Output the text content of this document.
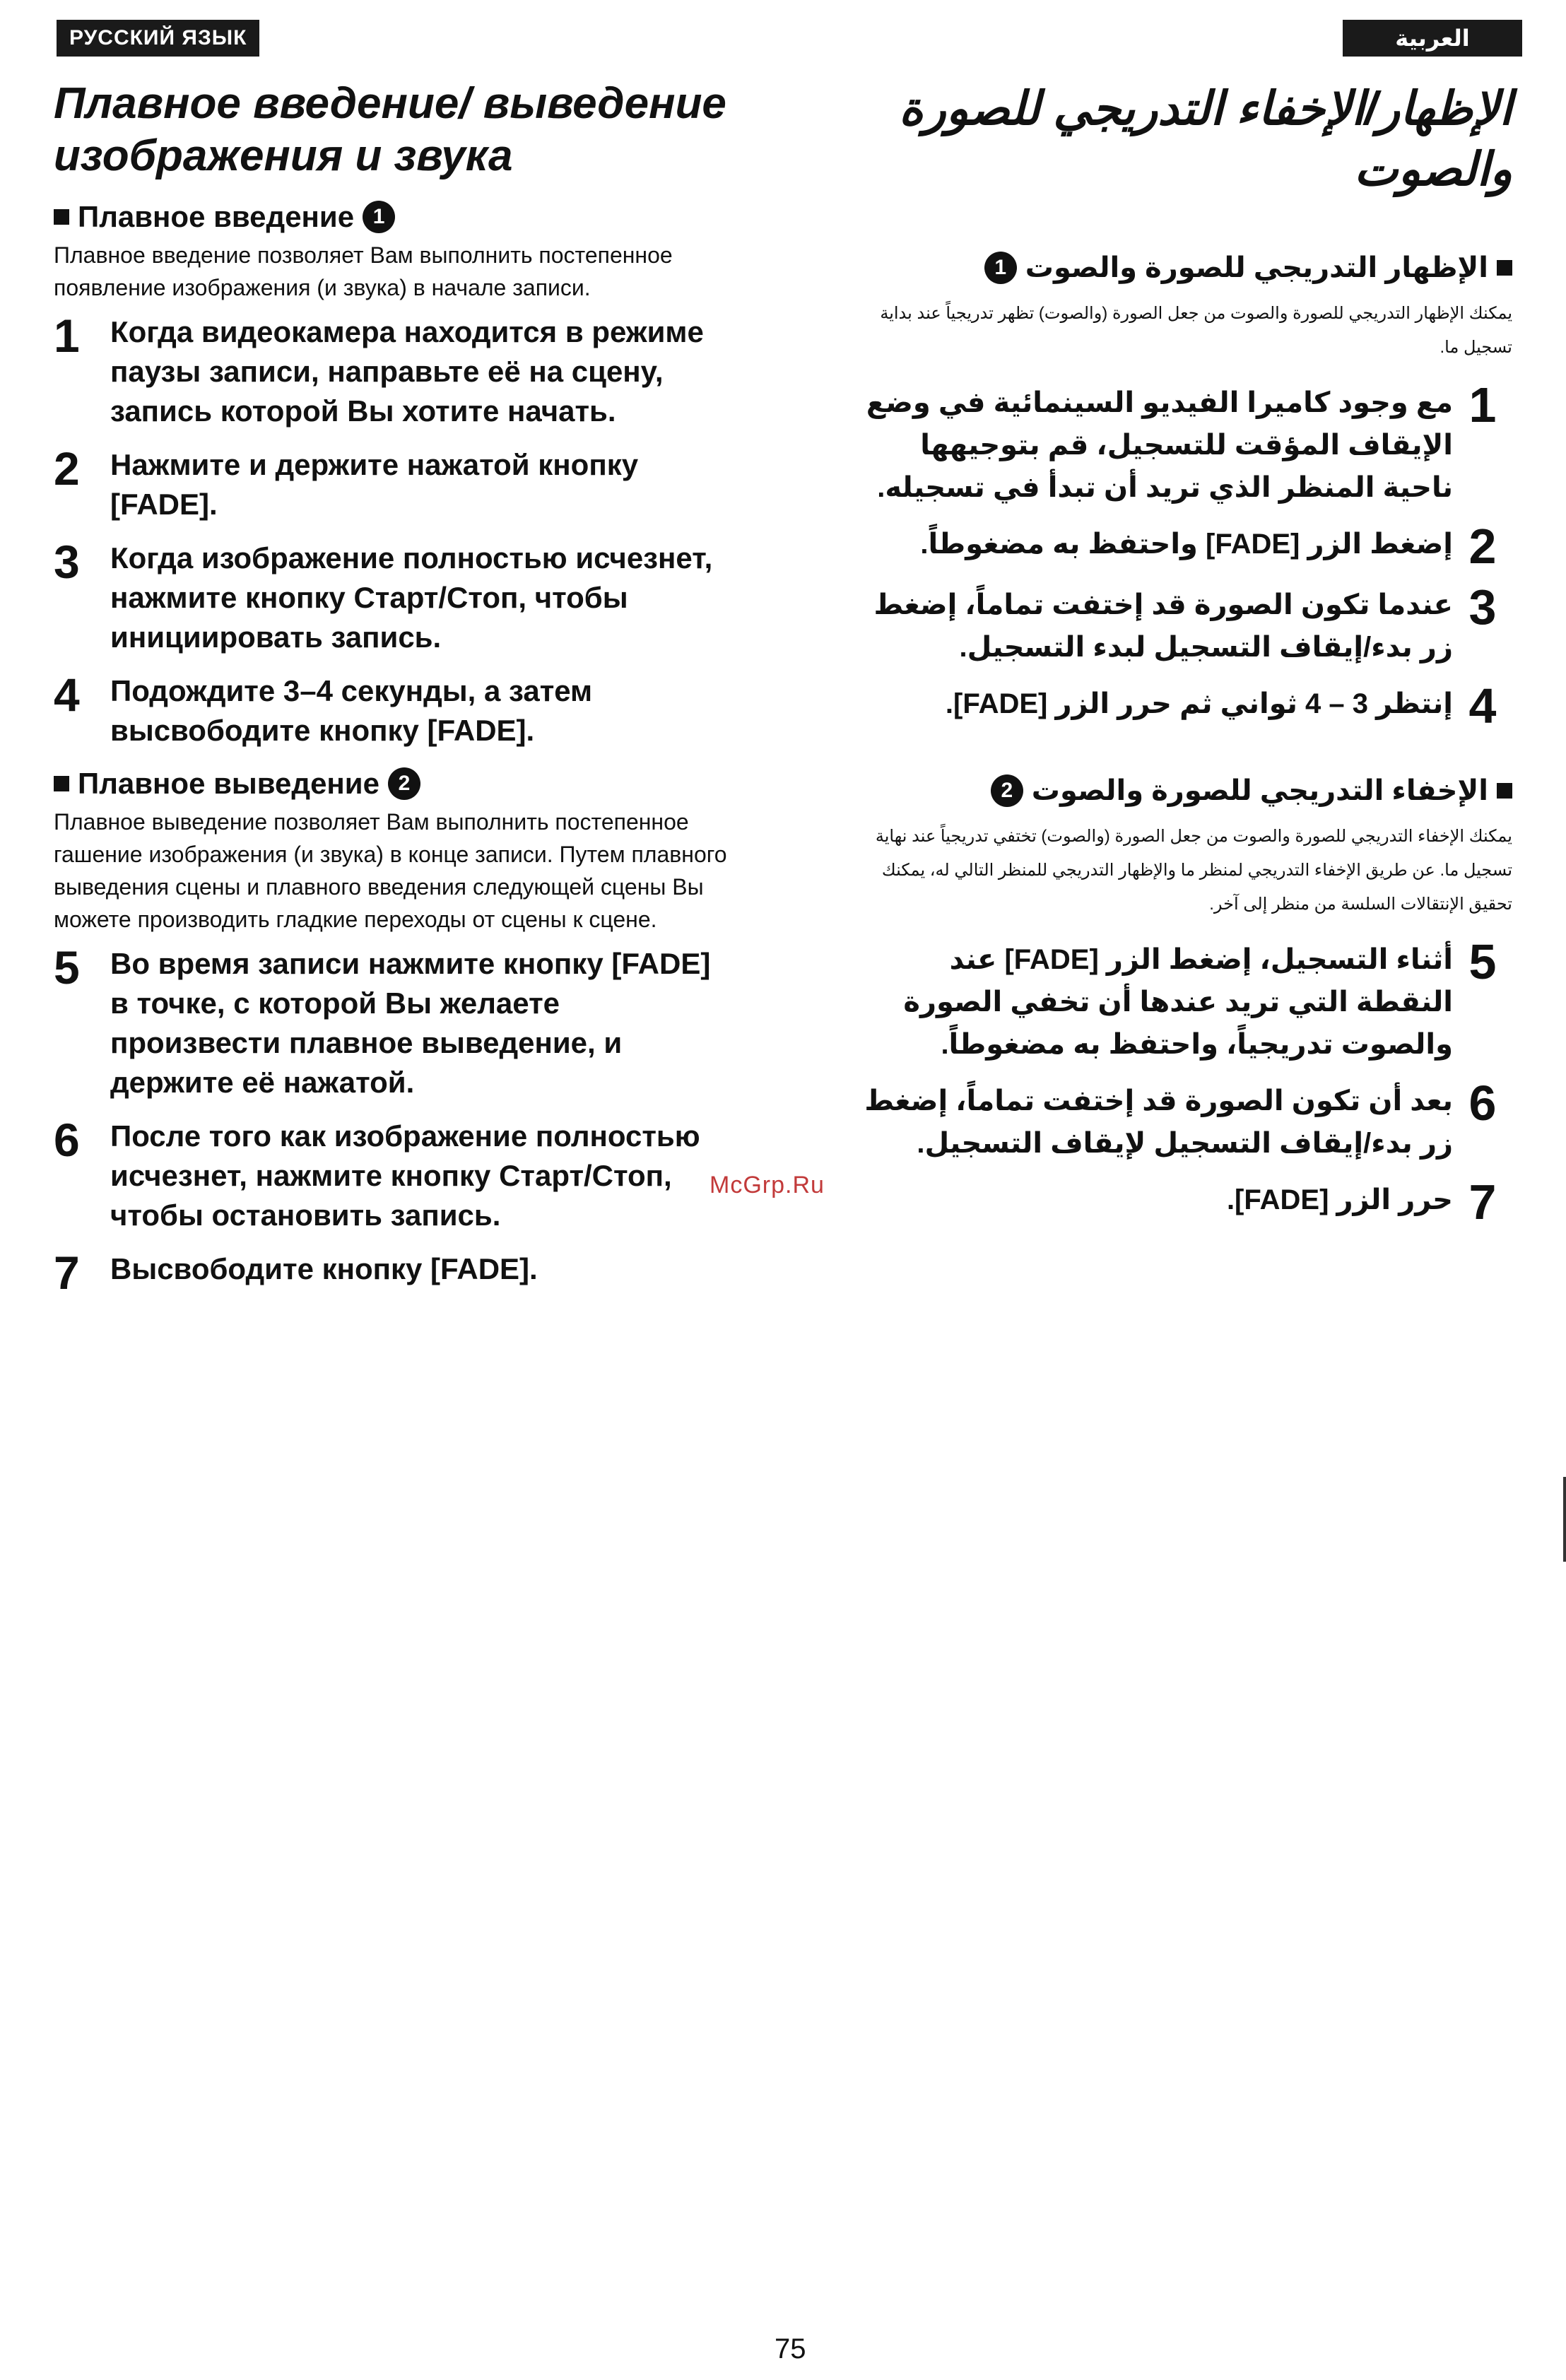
РУССКИЙ ЯЗЫК	العربية
Плавное введение/ выведение изображения и звука
Плавное введение 1

Плавное введение позволяет Вам выполнить постепенное появление изображения (и звука) в начале записи.

1	Когда видеокамера находится в режиме паузы записи, направьте её на сцену, запись которой Вы хотите начать.
2	Нажмите и держите нажатой кнопку [FADE].
3	Когда изображение полностью исчезнет, нажмите кнопку Старт/Стоп, чтобы инициировать запись.
4	Подождите 3–4 секунды, а затем высвободите кнопку [FADE].
Плавное выведение 2

Плавное выведение позволяет Вам выполнить постепенное гашение изображения (и звука) в конце записи. Путем плавного выведения сцены и плавного введения следующей сцены Вы можете производить гладкие переходы от сцены к сцене.

5	Во время записи нажмите кнопку [FADE] в точке, с которой Вы желаете произвести плавное выведение, и держите её нажатой.
6	После того как изображение полностью исчезнет, нажмите кнопку Старт/Стоп, чтобы остановить запись.
7	Высвободите кнопку [FADE].
الإظهار/الإخفاء التدريجي للصورة والصوت
الإظهار التدريجي للصورة والصوت
1

يمكنك الإظهار التدريجي للصورة والصوت من جعل الصورة (والصوت) تظهر تدريجياً عند بداية تسجيل ما.

1
مع وجود كاميرا الفيديو السينمائية في وضع الإيقاف المؤقت للتسجيل، قم بتوجيهها ناحية المنظر الذي تريد أن تبدأ في تسجيله.
2
إضغط الزر [FADE] واحتفظ به مضغوطاً.
3
عندما تكون الصورة قد إختفت تماماً، إضغط زر بدء/إيقاف التسجيل لبدء التسجيل.
4
إنتظر 3 – 4 ثواني ثم حرر الزر [FADE].
الإخفاء التدريجي للصورة والصوت
2

يمكنك الإخفاء التدريجي للصورة والصوت من جعل الصورة (والصوت) تختفي تدريجياً عند نهاية تسجيل ما. عن طريق الإخفاء التدريجي لمنظر ما والإظهار التدريجي للمنظر التالي له، يمكنك تحقيق الإنتقالات السلسة من منظر إلى آخر.

5
أثناء التسجيل، إضغط الزر [FADE] عند النقطة التي تريد عندها أن تخفي الصورة والصوت تدريجياً، واحتفظ به مضغوطاً.
6
بعد أن تكون الصورة قد إختفت تماماً، إضغط زر بدء/إيقاف التسجيل لإيقاف التسجيل.
7
حرر الزر [FADE].
McGrp.Ru
75
